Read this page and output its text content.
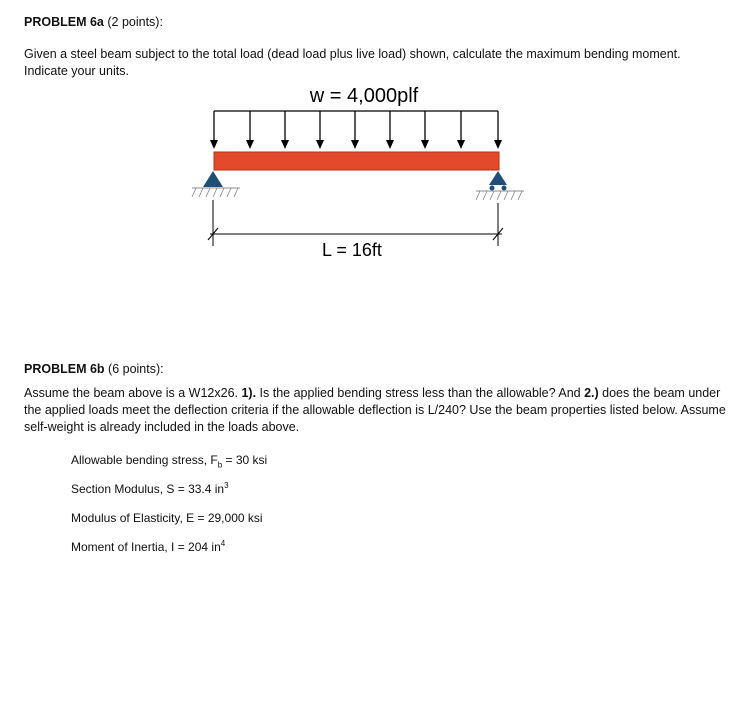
PROBLEM 6a (2 points):
Given a steel beam subject to the total load (dead load plus live load) shown, calculate the maximum bending moment.
Indicate your units.
w = 4,000plf
L = 16ft
PROBLEM 6b (6 points):
Assume the beam above is a W12x26. 1). Is the applied bending stress less than the allowable? And 2.) does the beam under the applied loads meet the deflection criteria if the allowable deflection is L/240? Use the beam properties listed below. Assume self-weight is already included in the loads above.
Allowable bending stress, $F_b = 30$ ksi
Section Modulus, S = 33.4 $in^3$
Modulus of Elasticity, E = 29,000 ksi
Moment of Inertia, I = 204 $in^4$
